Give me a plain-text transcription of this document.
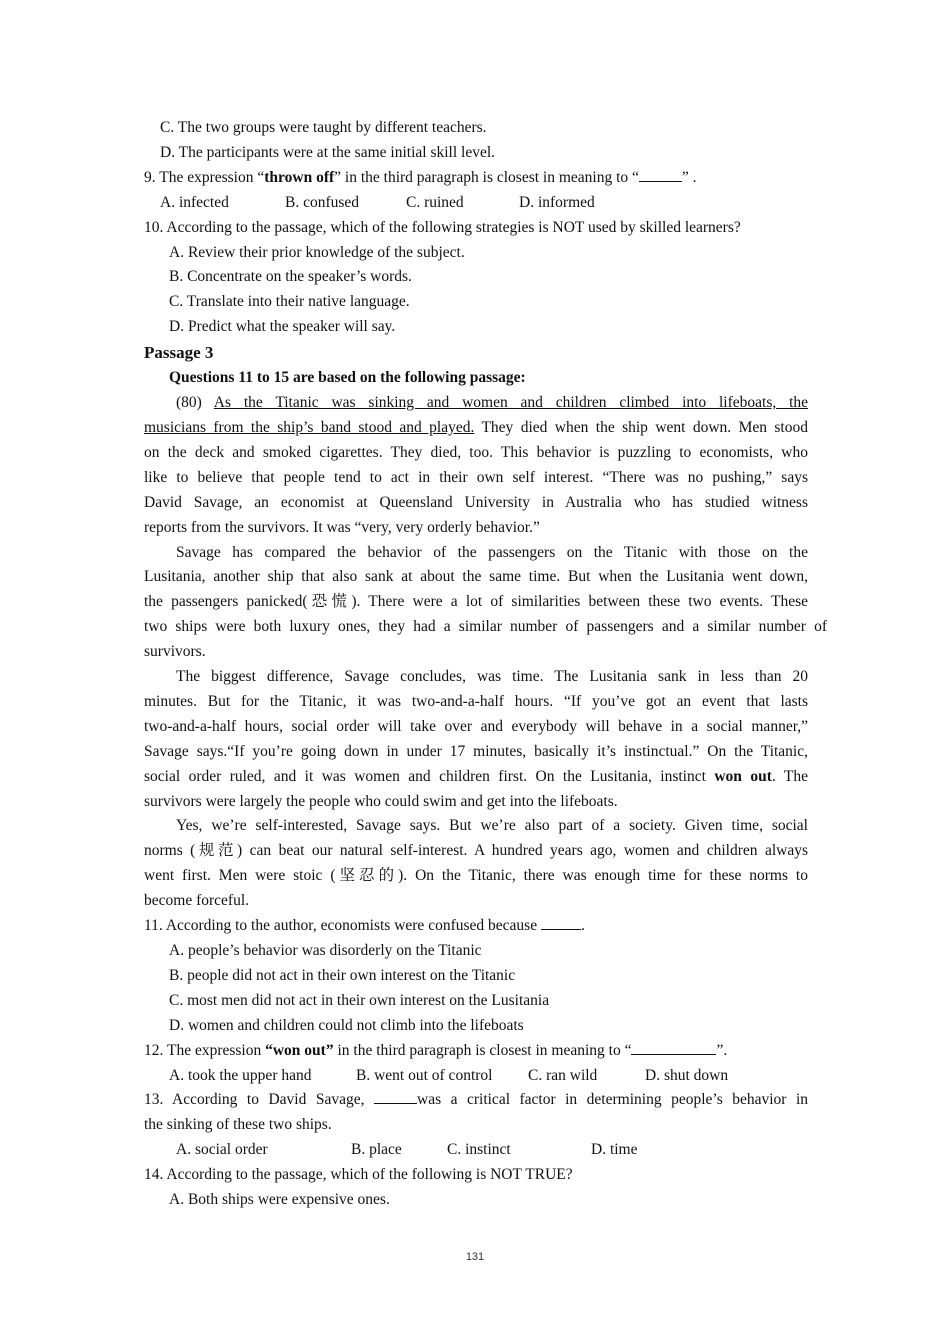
C. The two groups were taught by different teachers.
D. The participants were at the same initial skill level.
9. The expression “thrown off” in the third paragraph is closest in meaning to “	” .
A. infected	B. confused	C. ruined	D. informed
10. According to the passage, which of the following strategies is NOT used by skilled learners?
A. Review their prior knowledge of the subject.
B. Concentrate on the speaker’s words.
C. Translate into their native language.
D. Predict what the speaker will say.
Passage 3
Questions 11 to 15 are based on the following passage:
(80) As the Titanic was sinking and women and children climbed into lifeboats, the
musicians from the ship’s band stood and played. They died when the ship went down. Men stood
on the deck and smoked cigarettes. They died, too. This behavior is puzzling to economists, who
like to believe that people tend to act in their own self interest. “There was no pushing,” says
David Savage, an economist at Queensland University in Australia who has studied witness
reports from the survivors. It was “very, very orderly behavior.”
Savage has compared the behavior of the passengers on the Titanic with those on the
Lusitania, another ship that also sank at about the same time. But when the Lusitania went down,
the passengers panicked(恐慌). There were a lot of similarities between these two events. These
two ships were both luxury ones, they had a similar number of passengers and a similar number of
survivors.
The biggest difference, Savage concludes, was time. The Lusitania sank in less than 20
minutes. But for the Titanic, it was two-and-a-half hours. “If you’ve got an event that lasts
two-and-a-half hours, social order will take over and everybody will behave in a social manner,”
Savage says.“If you’re going down in under 17 minutes, basically it’s instinctual.” On the Titanic,
social order ruled, and it was women and children first. On the Lusitania, instinct won out. The
survivors were largely the people who could swim and get into the lifeboats.
Yes, we’re self-interested, Savage says. But we’re also part of a society. Given time, social
norms (规范) can beat our natural self-interest. A hundred years ago, women and children always
went first. Men were stoic (坚忍的). On the Titanic, there was enough time for these norms to
become forceful.
11. According to the author, economists were confused because	.
A. people’s behavior was disorderly on the Titanic
B. people did not act in their own interest on the Titanic
C. most men did not act in their own interest on the Lusitania
D. women and children could not climb into the lifeboats
12. The expression “won out” in the third paragraph is closest in meaning to “	”.
A. took the upper hand	B. went out of control C. ran wild	D. shut down
13. According to David Savage,	was a critical factor in determining people’s behavior in
the sinking of these two ships.
A. social order	B. place	C. instinct	D. time
14. According to the passage, which of the following is NOT TRUE?
A. Both ships were expensive ones.
131
